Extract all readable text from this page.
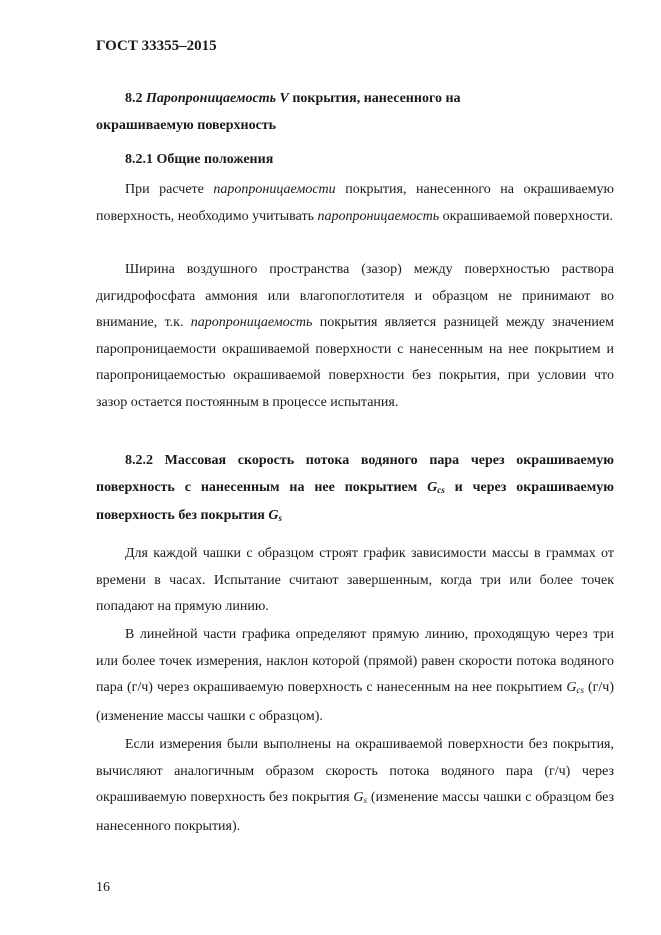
ГОСТ 33355–2015
8.2 Паропроницаемость V покрытия, нанесенного на
окрашиваемую поверхность
8.2.1 Общие положения
При расчете паропроницаемости покрытия, нанесенного на окрашиваемую поверхность, необходимо учитывать паропроницаемость окрашиваемой поверхности.
Ширина воздушного пространства (зазор) между поверхностью раствора дигидрофосфата аммония или влагопоглотителя и образцом не принимают во внимание, т.к. паропроницаемость покрытия является разницей между значением паропроницаемости окрашиваемой поверхности с нанесенным на нее покрытием и паропроницаемостью окрашиваемой поверхности без покрытия, при условии что зазор остается постоянным в процессе испытания.
8.2.2 Массовая скорость потока водяного пара через окрашиваемую поверхность с нанесенным на нее покрытием $G_{cs}$ и через окрашиваемую поверхность без покрытия $G_s$
Для каждой чашки с образцом строят график зависимости массы в граммах от времени в часах. Испытание считают завершенным, когда три или более точек попадают на прямую линию.
В линейной части графика определяют прямую линию, проходящую через три или более точек измерения, наклон которой (прямой) равен скорости потока водяного пара (г/ч) через окрашиваемую поверхность с нанесенным на нее покрытием $G_{cs}$ (г/ч) (изменение массы чашки с образцом).
Если измерения были выполнены на окрашиваемой поверхности без покрытия, вычисляют аналогичным образом скорость потока водяного пара (г/ч) через окрашиваемую поверхность без покрытия $G_s$ (изменение массы чашки с образцом без нанесенного покрытия).
16
